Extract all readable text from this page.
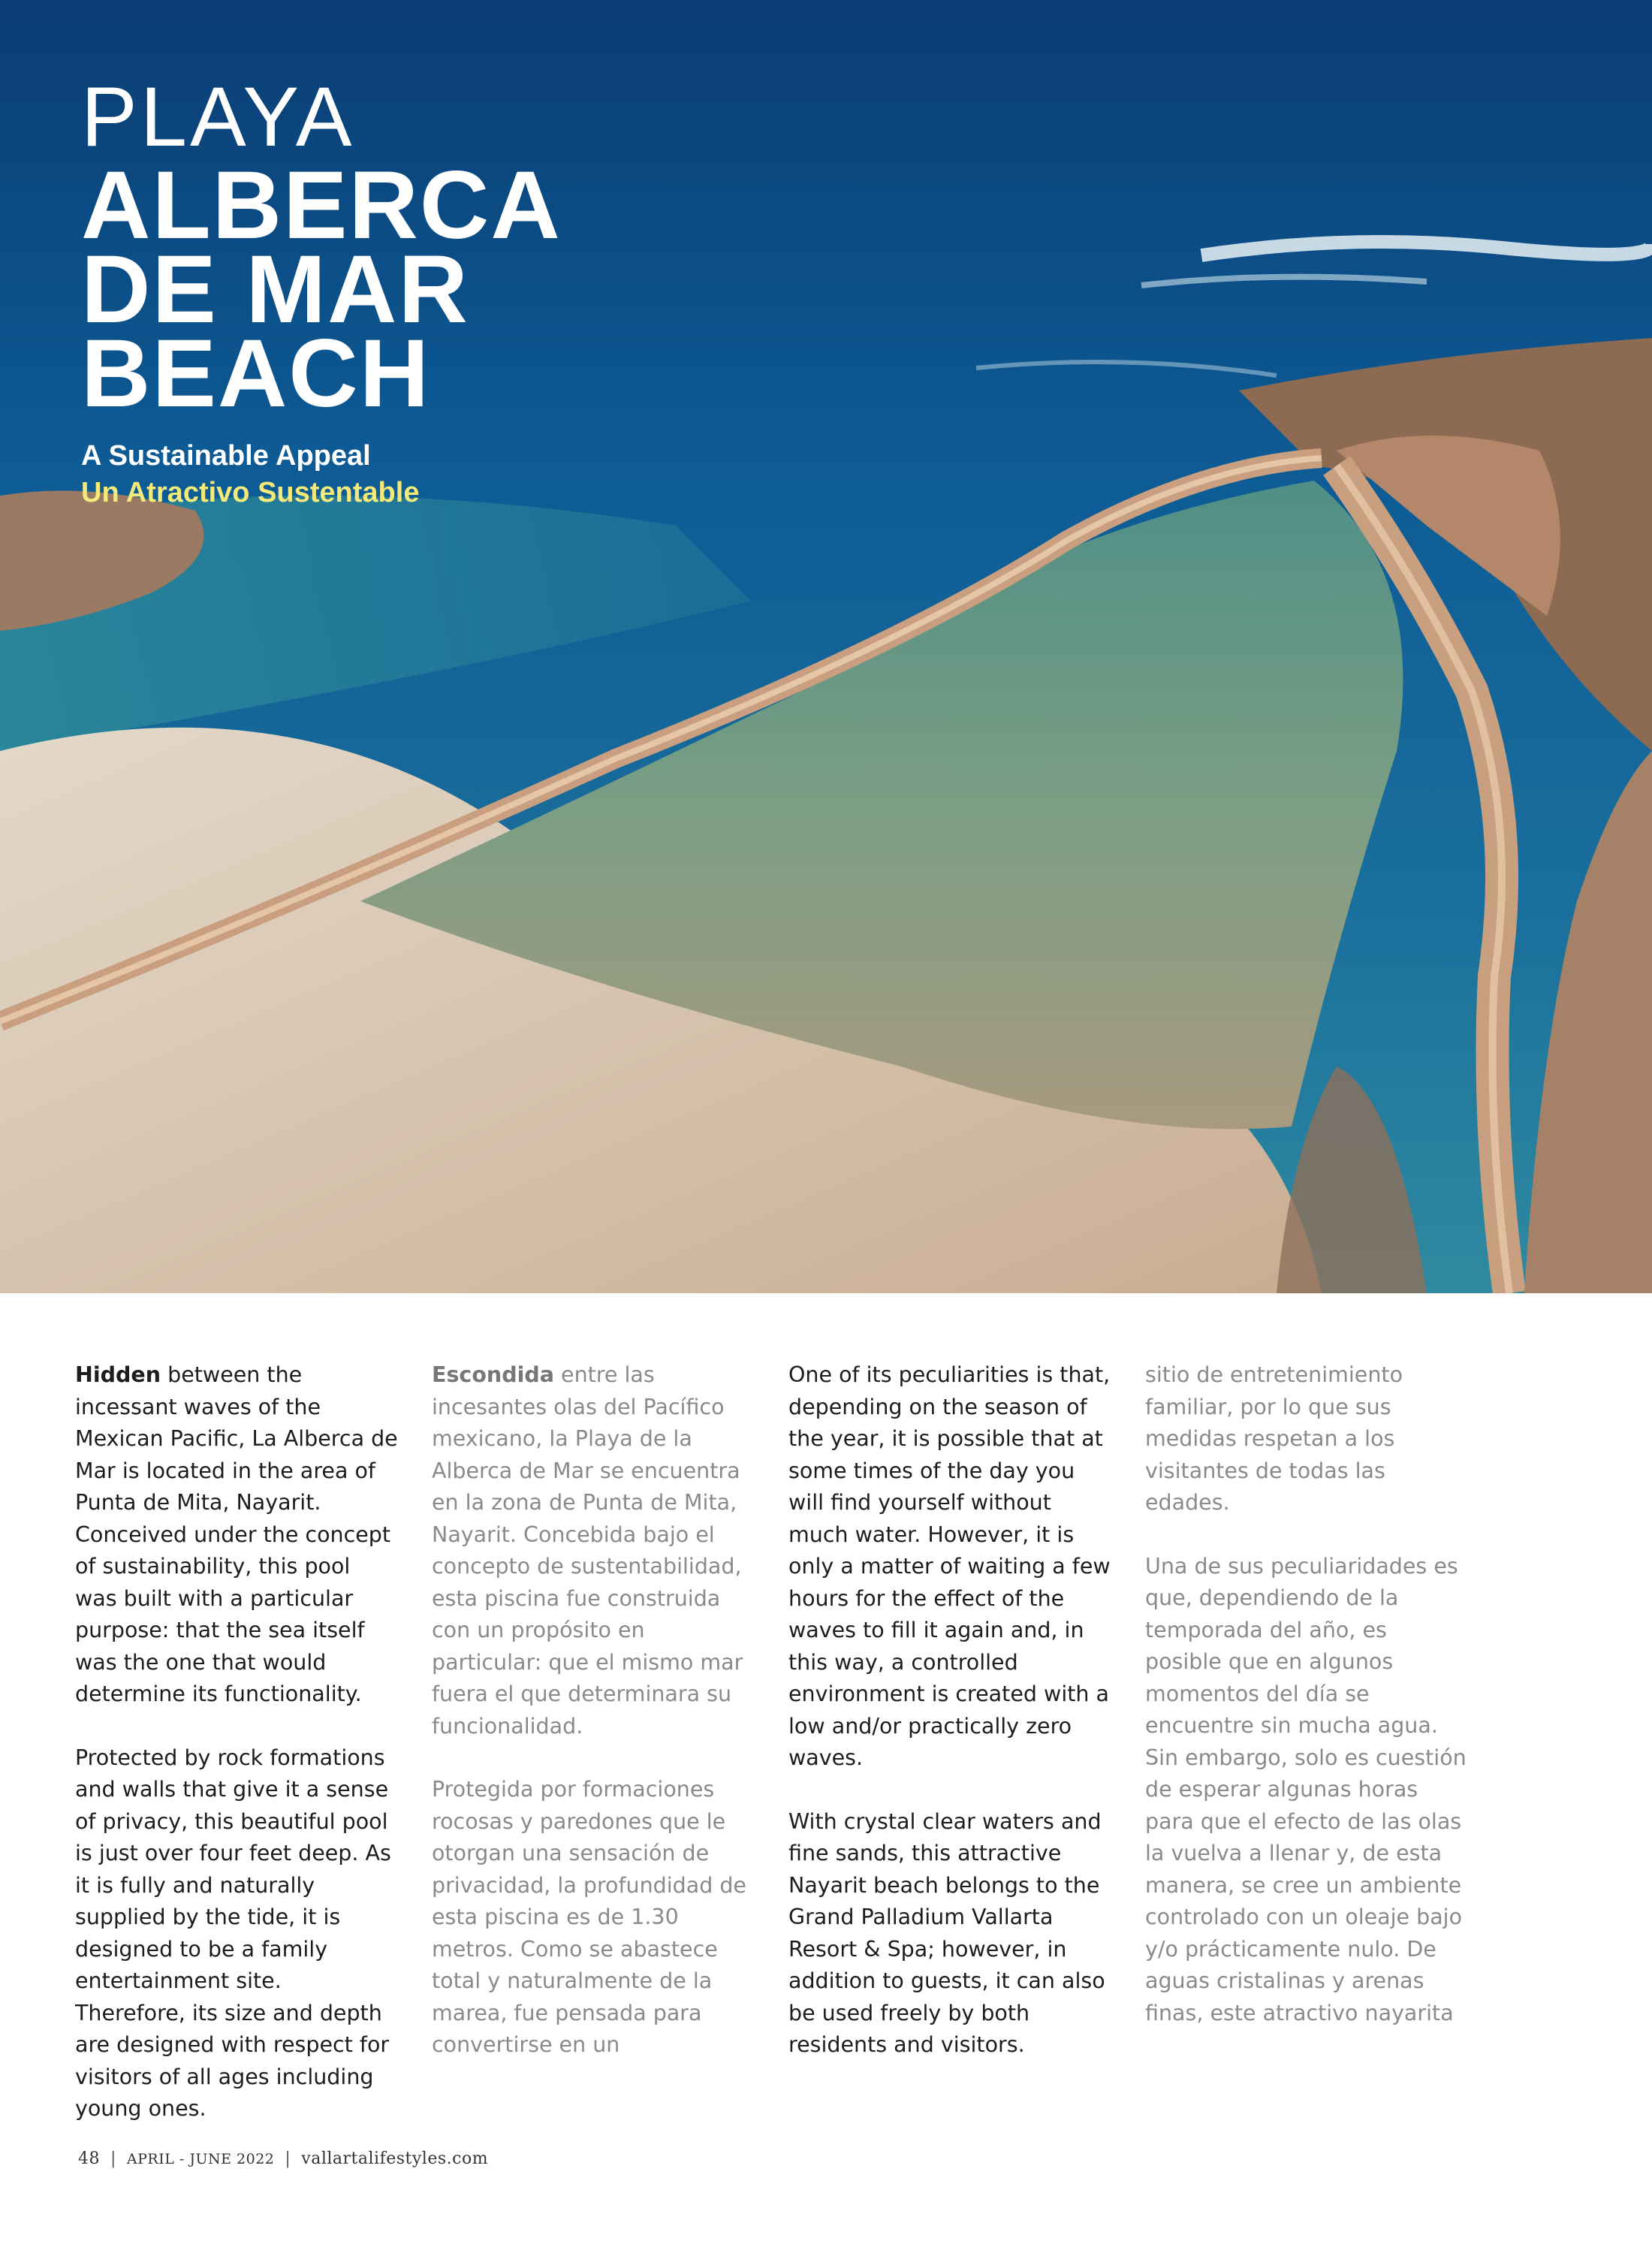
PLAYA
ALBERCA
DE MAR
BEACH
A Sustainable Appeal
Un Atractivo Sustentable

Hidden between the incessant waves of the Mexican Pacific, La Alberca de Mar is located in the area of Punta de Mita, Nayarit. Conceived under the concept of sustainability, this pool was built with a particular purpose: that the sea itself was the one that would determine its functionality.

Protected by rock formations and walls that give it a sense of privacy, this beautiful pool is just over four feet deep. As it is fully and naturally supplied by the tide, it is designed to be a family entertainment site. Therefore, its size and depth are designed with respect for visitors of all ages including young ones.

Escondida entre las incesantes olas del Pacífico mexicano, la Playa de la Alberca de Mar se encuentra en la zona de Punta de Mita, Nayarit. Concebida bajo el concepto de sustentabilidad, esta piscina fue construida con un propósito en particular: que el mismo mar fuera el que determinara su funcionalidad.

Protegida por formaciones rocosas y paredones que le otorgan una sensación de privacidad, la profundidad de esta piscina es de 1.30 metros. Como se abastece total y naturalmente de la marea, fue pensada para convertirse en un

One of its peculiarities is that, depending on the season of the year, it is possible that at some times of the day you will find yourself without much water. However, it is only a matter of waiting a few hours for the effect of the waves to fill it again and, in this way, a controlled environment is created with a low and/or practically zero waves.

With crystal clear waters and fine sands, this attractive Nayarit beach belongs to the Grand Palladium Vallarta Resort & Spa; however, in addition to guests, it can also be used freely by both residents and visitors.

sitio de entretenimiento familiar, por lo que sus medidas respetan a los visitantes de todas las edades.

Una de sus peculiaridades es que, dependiendo de la temporada del año, es posible que en algunos momentos del día se encuentre sin mucha agua. Sin embargo, solo es cuestión de esperar algunas horas para que el efecto de las olas la vuelva a llenar y, de esta manera, se cree un ambiente controlado con un oleaje bajo y/o prácticamente nulo. De aguas cristalinas y arenas finas, este atractivo nayarita

48 | APRIL - JUNE 2022 | vallartalifestyles.com
